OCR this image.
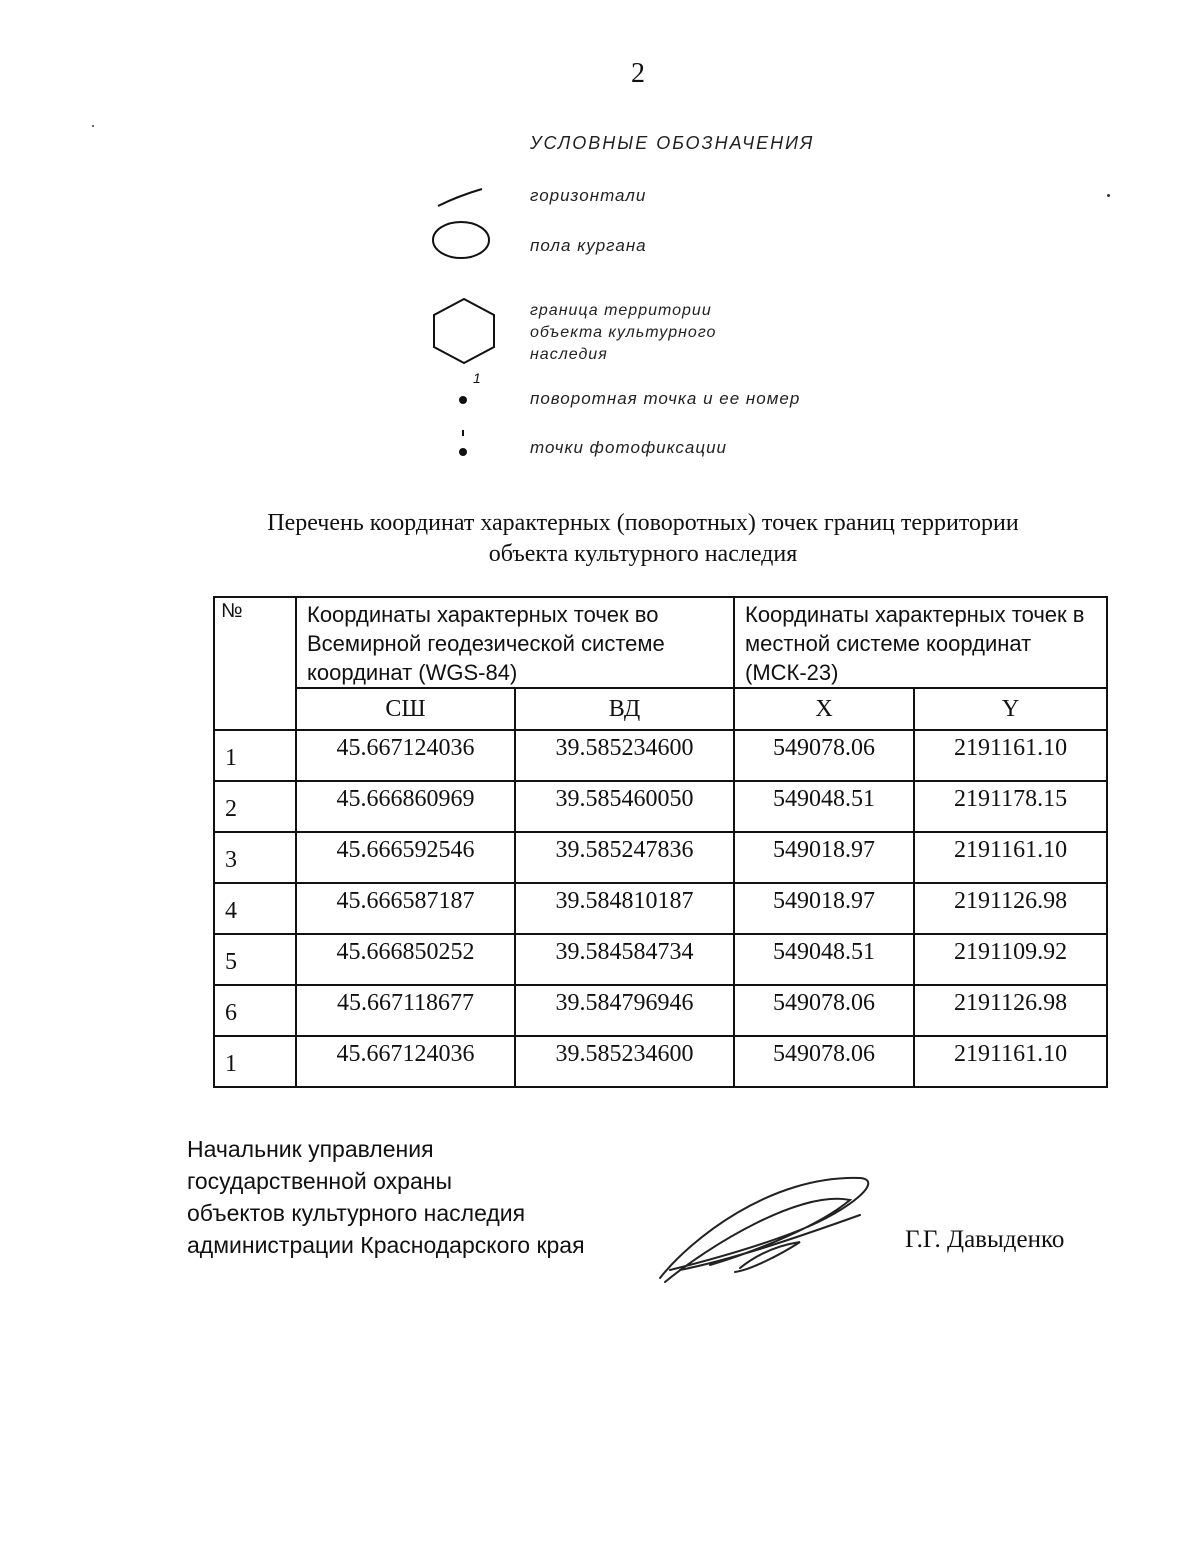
2
УСЛОВНЫЕ ОБОЗНАЧЕНИЯ
горизонтали
пола кургана
граница территории
объекта культурного
наследия
1
поворотная точка и ее номер
точки фотофиксации
Перечень координат характерных (поворотных) точек границ территории
объекта культурного наследия
№	Координаты характерных точек во Всемирной геодезической системе координат (WGS-84)		Координаты характерных точек в местной системе координат (МСК-23)	
	СШ	ВД	X	Y
1	45.667124036	39.585234600	549078.06	2191161.10
2	45.666860969	39.585460050	549048.51	2191178.15
3	45.666592546	39.585247836	549018.97	2191161.10
4	45.666587187	39.584810187	549018.97	2191126.98
5	45.666850252	39.584584734	549048.51	2191109.92
6	45.667118677	39.584796946	549078.06	2191126.98
1	45.667124036	39.585234600	549078.06	2191161.10
Начальник управления
государственной охраны
объектов культурного наследия
администрации Краснодарского края	Г.Г. Давыденко
